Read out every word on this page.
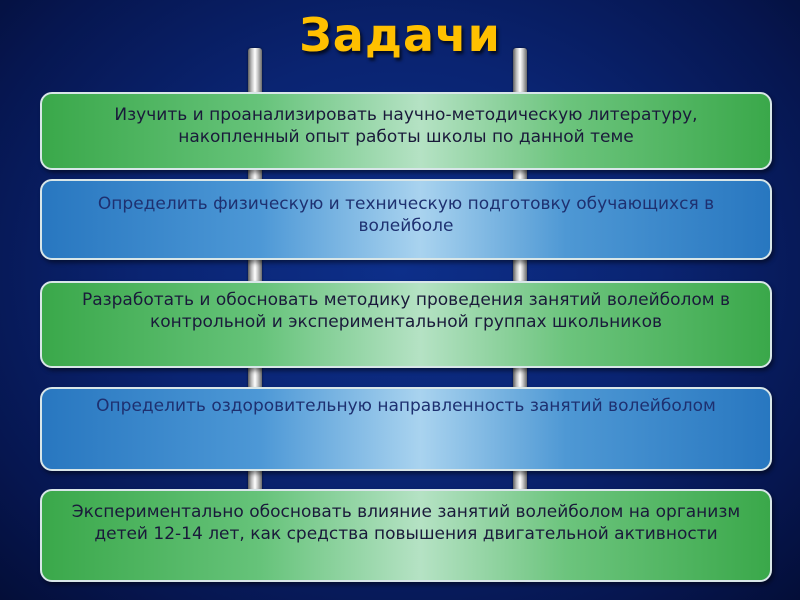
Задачи
Изучить и проанализировать научно-методическую литературу, накопленный опыт работы школы по данной теме
Определить физическую и техническую подготовку обучающихся в волейболе
Разработать и обосновать методику проведения занятий волейболом в контрольной и экспериментальной группах школьников
Определить оздоровительную направленность занятий волейболом
Экспериментально обосновать влияние занятий волейболом на организм детей 12-14 лет, как средства повышения двигательной активности
